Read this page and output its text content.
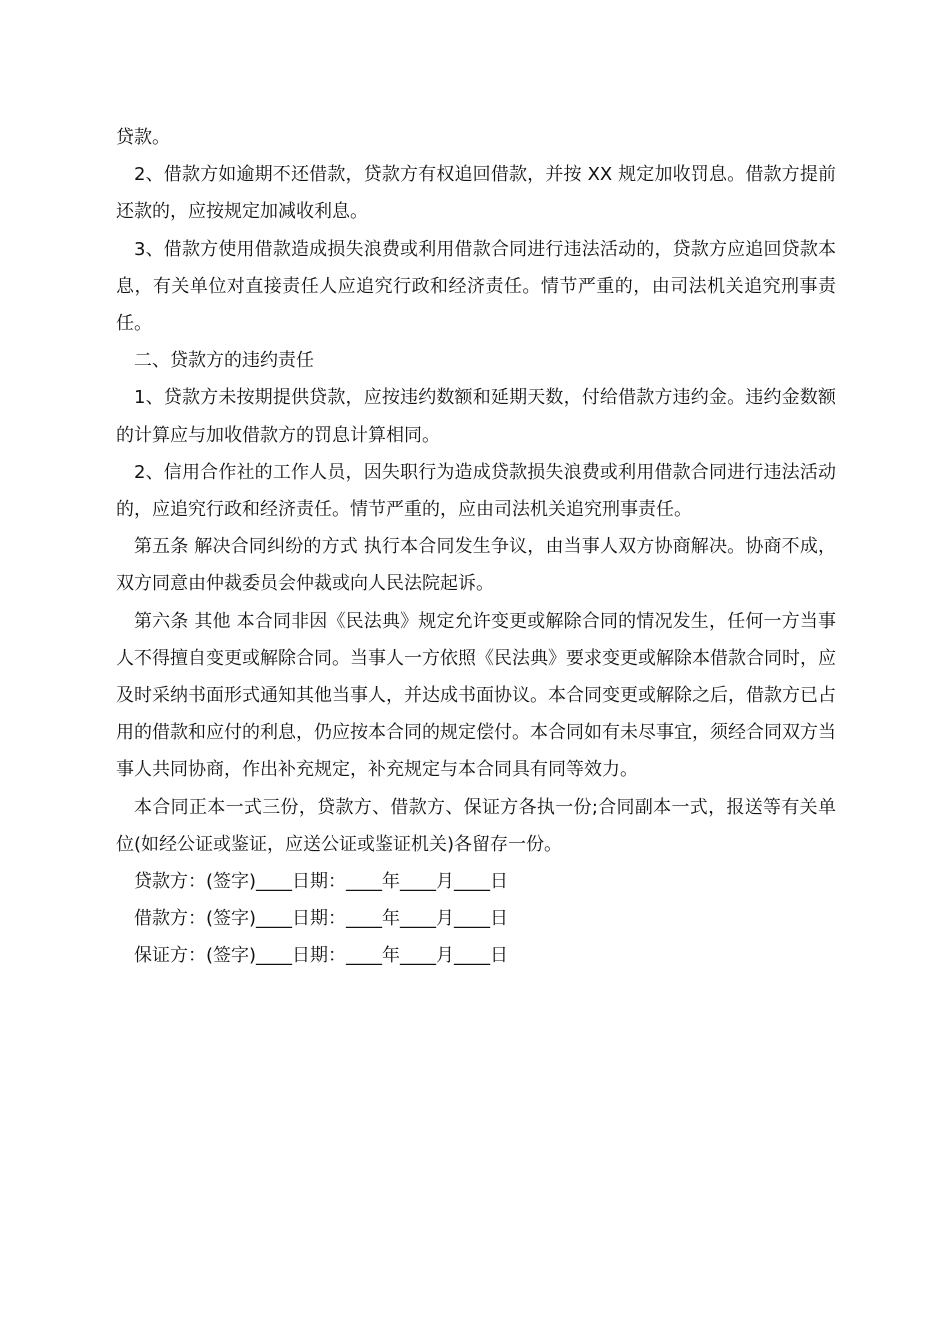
贷款。

2、借款方如逾期不还借款，贷款方有权追回借款，并按 XX 规定加收罚息。借款方提前还款的，应按规定加减收利息。

3、借款方使用借款造成损失浪费或利用借款合同进行违法活动的，贷款方应追回贷款本息，有关单位对直接责任人应追究行政和经济责任。情节严重的，由司法机关追究刑事责任。

二、贷款方的违约责任

1、贷款方未按期提供贷款，应按违约数额和延期天数，付给借款方违约金。违约金数额的计算应与加收借款方的罚息计算相同。

2、信用合作社的工作人员，因失职行为造成贷款损失浪费或利用借款合同进行违法活动的，应追究行政和经济责任。情节严重的，应由司法机关追究刑事责任。

第五条 解决合同纠纷的方式 执行本合同发生争议，由当事人双方协商解决。协商不成，双方同意由仲裁委员会仲裁或向人民法院起诉。

第六条 其他 本合同非因《民法典》规定允许变更或解除合同的情况发生，任何一方当事人不得擅自变更或解除合同。当事人一方依照《民法典》要求变更或解除本借款合同时，应及时采纳书面形式通知其他当事人，并达成书面协议。本合同变更或解除之后，借款方已占用的借款和应付的利息，仍应按本合同的规定偿付。本合同如有未尽事宜，须经合同双方当事人共同协商，作出补充规定，补充规定与本合同具有同等效力。

本合同正本一式三份，贷款方、借款方、保证方各执一份;合同副本一式，报送等有关单位(如经公证或鉴证，应送公证或鉴证机关)各留存一份。

贷款方：(签字)____日期：____年____月____日

借款方：(签字)____日期：____年____月____日

保证方：(签字)____日期：____年____月____日
